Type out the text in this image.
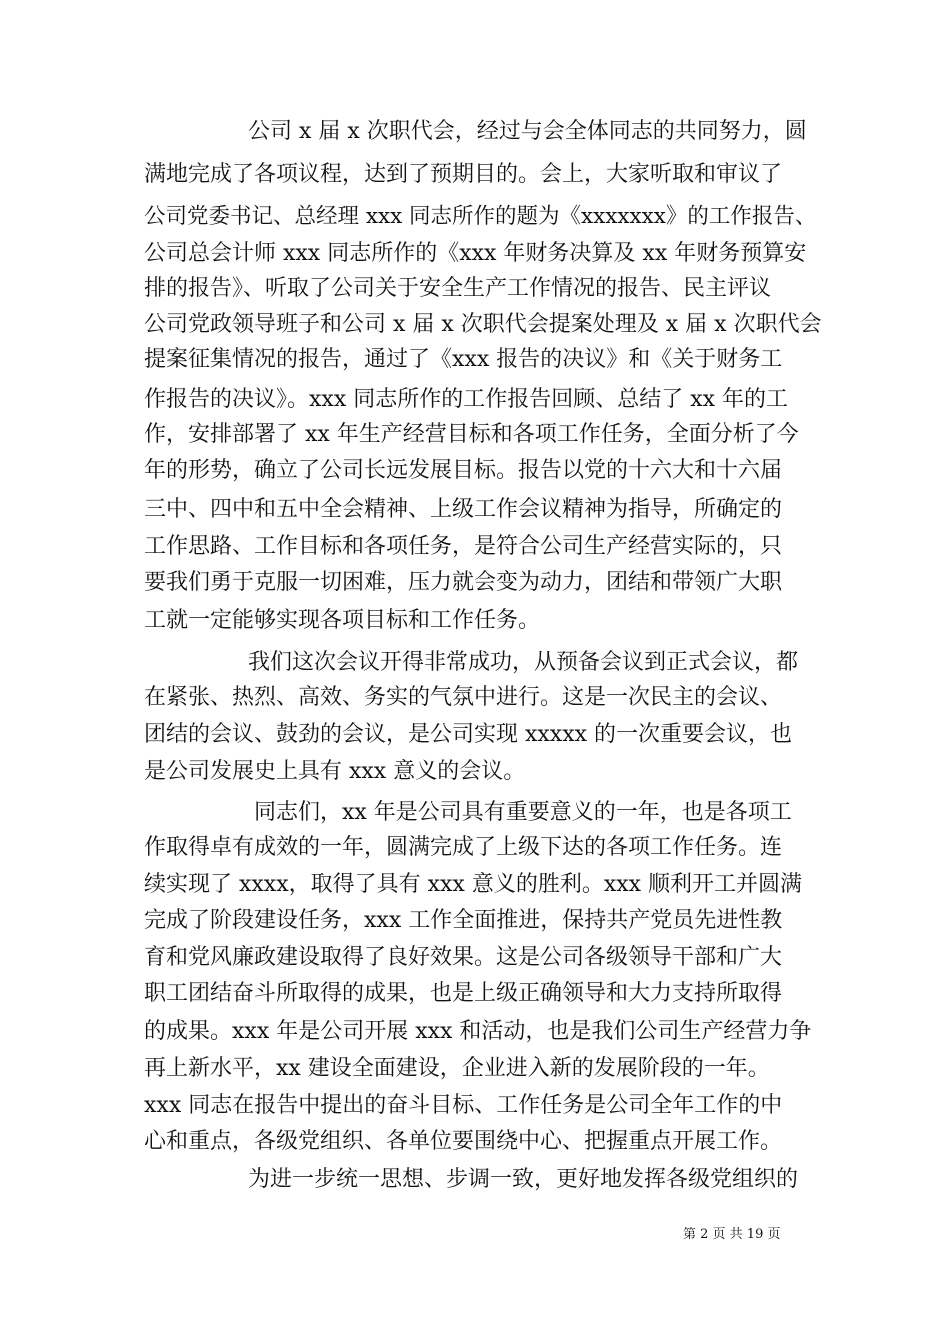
公司 x 届 x 次职代会，经过与会全体同志的共同努力，圆
满地完成了各项议程，达到了预期目的。会上，大家听取和审议了
公司党委书记、总经理 xxx 同志所作的题为《xxxxxxx》的工作报告、
公司总会计师 xxx 同志所作的《xxx 年财务决算及 xx 年财务预算安
排的报告》、听取了公司关于安全生产工作情况的报告、民主评议
公司党政领导班子和公司 x 届 x 次职代会提案处理及 x 届 x 次职代会
提案征集情况的报告，通过了《xxx 报告的决议》和《关于财务工
作报告的决议》。xxx 同志所作的工作报告回顾、总结了 xx 年的工
作，安排部署了 xx 年生产经营目标和各项工作任务，全面分析了今
年的形势，确立了公司长远发展目标。报告以党的十六大和十六届
三中、四中和五中全会精神、上级工作会议精神为指导，所确定的
工作思路、工作目标和各项任务，是符合公司生产经营实际的，只
要我们勇于克服一切困难，压力就会变为动力，团结和带领广大职
工就一定能够实现各项目标和工作任务。
我们这次会议开得非常成功，从预备会议到正式会议，都
在紧张、热烈、高效、务实的气氛中进行。这是一次民主的会议、
团结的会议、鼓劲的会议，是公司实现 xxxxx 的一次重要会议，也
是公司发展史上具有 xxx 意义的会议。
同志们，xx 年是公司具有重要意义的一年，也是各项工
作取得卓有成效的一年，圆满完成了上级下达的各项工作任务。连
续实现了 xxxx，取得了具有 xxx 意义的胜利。xxx 顺利开工并圆满
完成了阶段建设任务，xxx 工作全面推进，保持共产党员先进性教
育和党风廉政建设取得了良好效果。这是公司各级领导干部和广大
职工团结奋斗所取得的成果，也是上级正确领导和大力支持所取得
的成果。xxx 年是公司开展 xxx 和活动，也是我们公司生产经营力争
再上新水平，xx 建设全面建设，企业进入新的发展阶段的一年。
xxx 同志在报告中提出的奋斗目标、工作任务是公司全年工作的中
心和重点，各级党组织、各单位要围绕中心、把握重点开展工作。
为进一步统一思想、步调一致，更好地发挥各级党组织的
第 2 页 共 19 页
